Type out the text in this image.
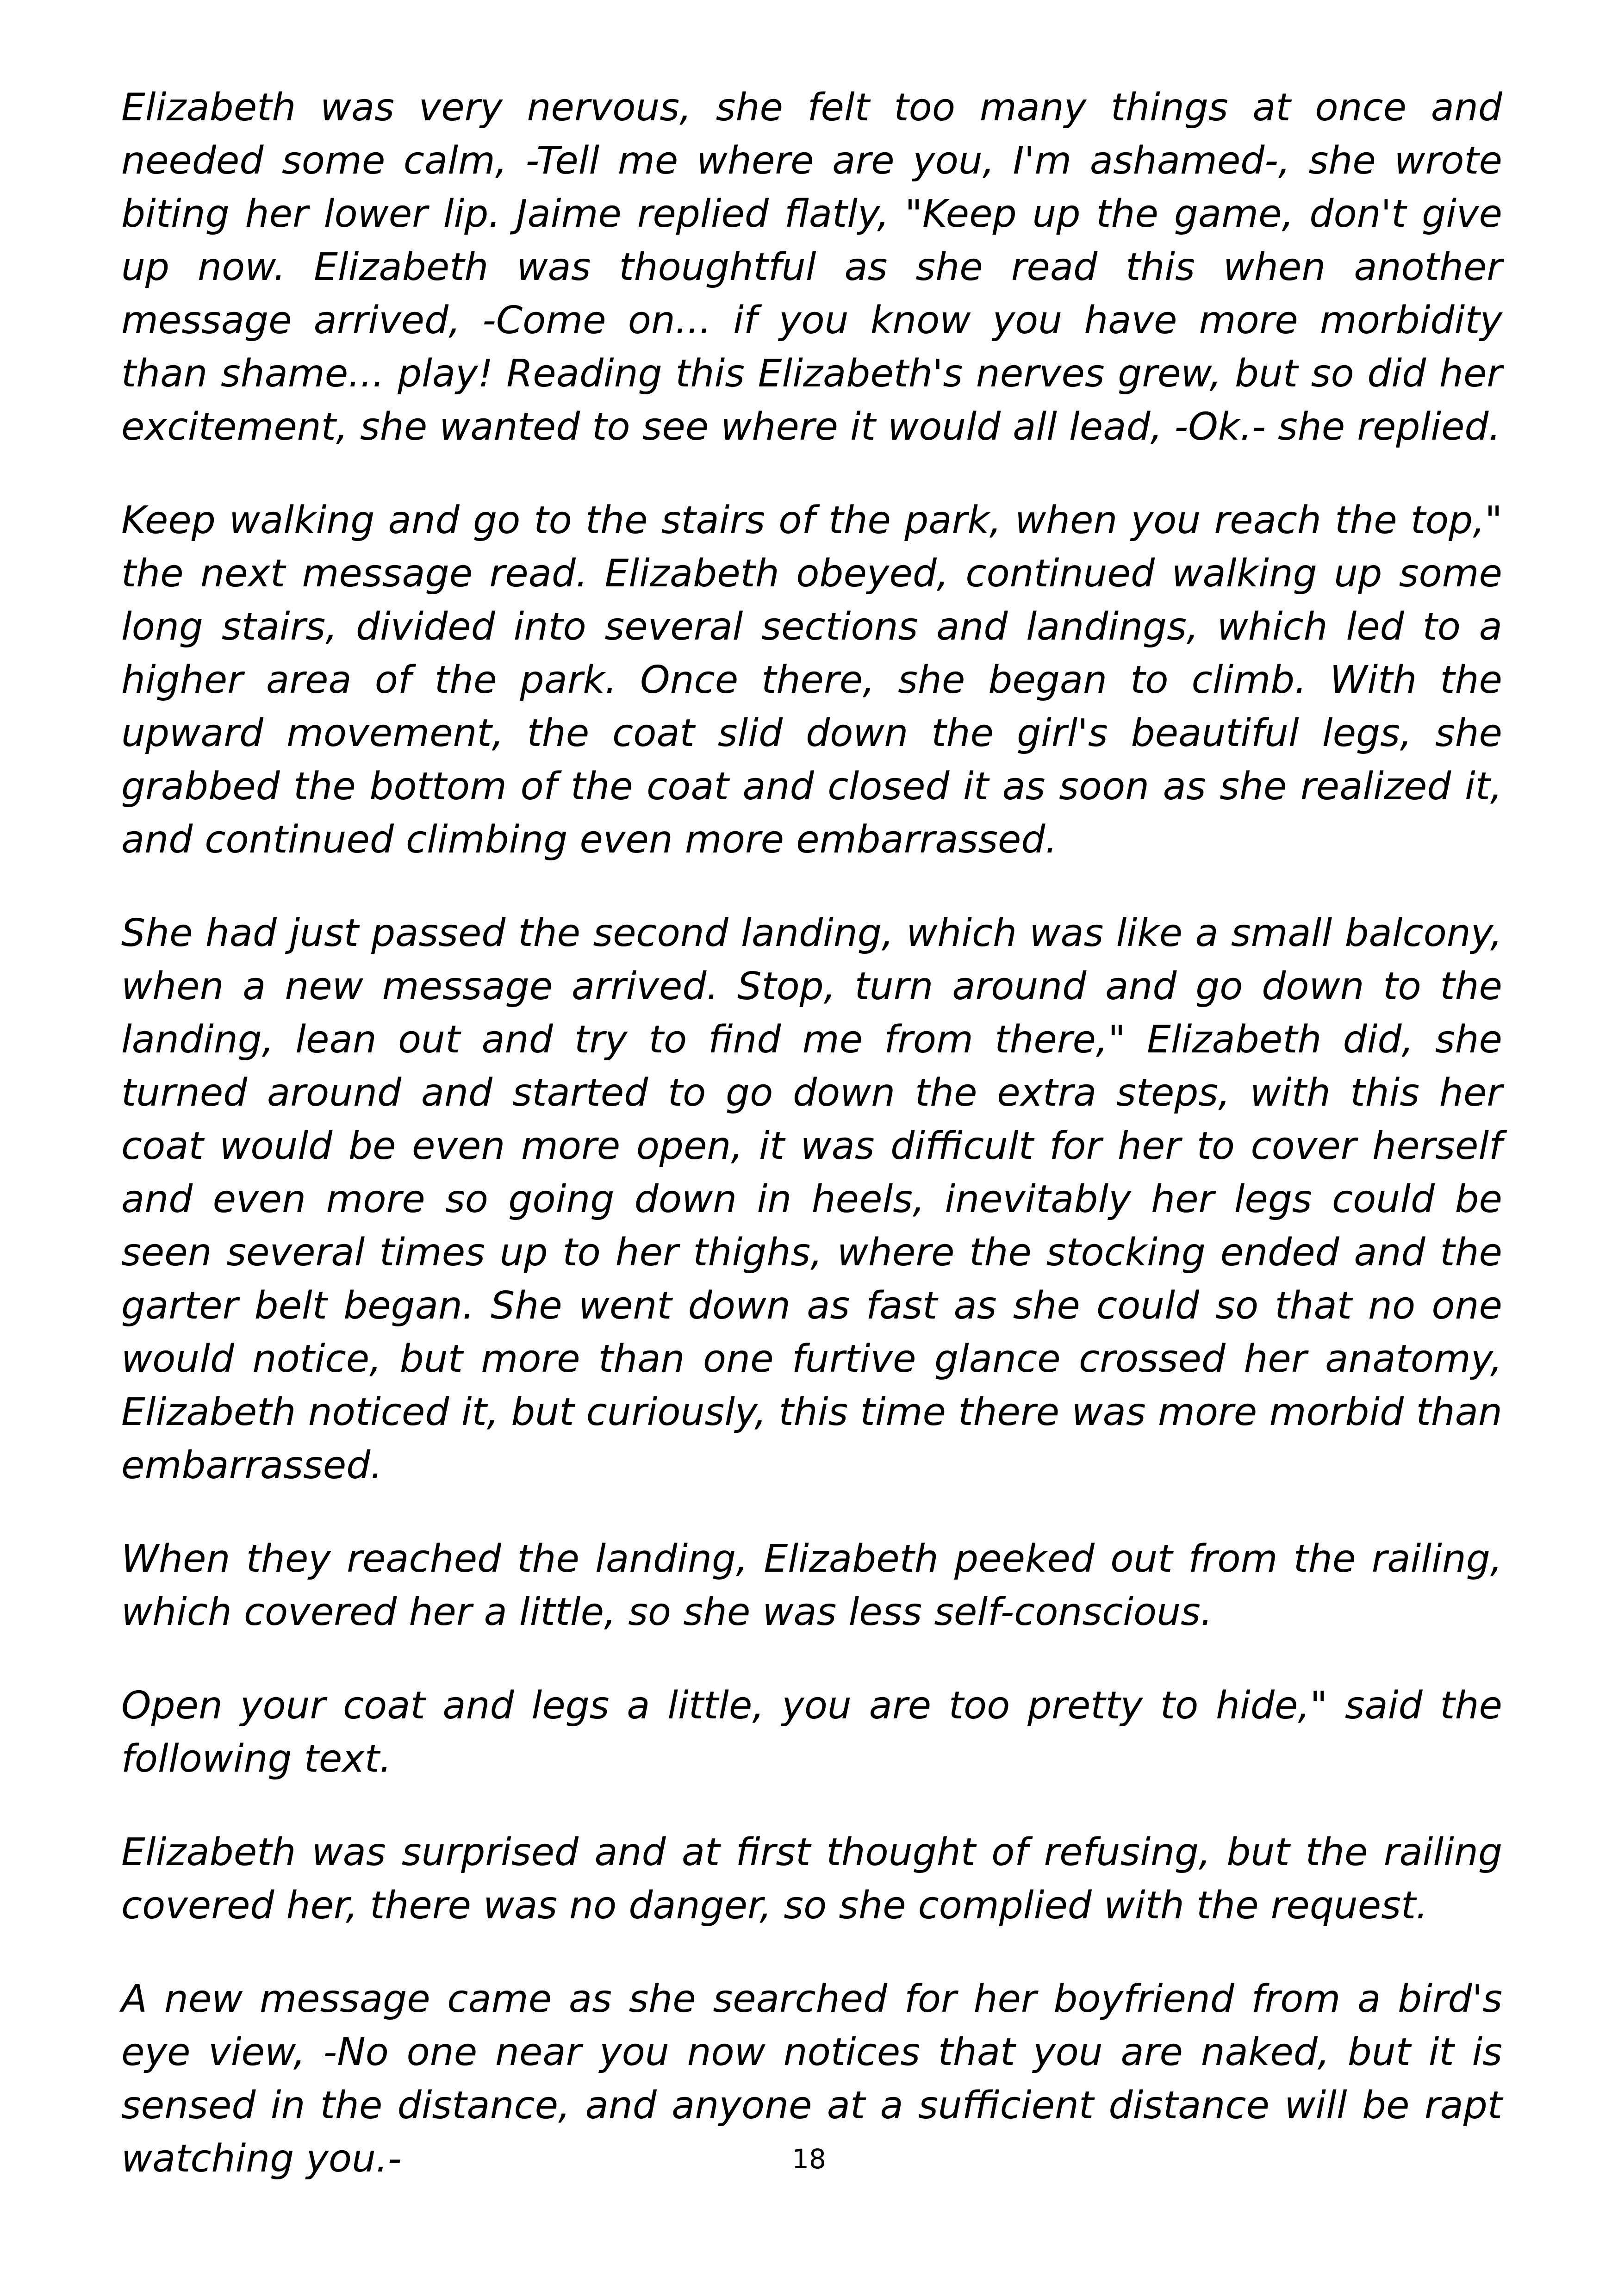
Elizabeth was very nervous, she felt too many things at once and needed some calm, -Tell me where are you, I'm ashamed-, she wrote biting her lower lip. Jaime replied flatly, "Keep up the game, don't give up now. Elizabeth was thoughtful as she read this when another message arrived, -Come on... if you know you have more morbidity than shame... play! Reading this Elizabeth's nerves grew, but so did her excitement, she wanted to see where it would all lead, -Ok.- she replied.

Keep walking and go to the stairs of the park, when you reach the top," the next message read. Elizabeth obeyed, continued walking up some long stairs, divided into several sections and landings, which led to a higher area of the park. Once there, she began to climb. With the upward movement, the coat slid down the girl's beautiful legs, she grabbed the bottom of the coat and closed it as soon as she realized it, and continued climbing even more embarrassed.

She had just passed the second landing, which was like a small balcony, when a new message arrived. Stop, turn around and go down to the landing, lean out and try to find me from there," Elizabeth did, she turned around and started to go down the extra steps, with this her coat would be even more open, it was difficult for her to cover herself and even more so going down in heels, inevitably her legs could be seen several times up to her thighs, where the stocking ended and the garter belt began. She went down as fast as she could so that no one would notice, but more than one furtive glance crossed her anatomy, Elizabeth noticed it, but curiously, this time there was more morbid than embarrassed.

When they reached the landing, Elizabeth peeked out from the railing, which covered her a little, so she was less self-conscious.

Open your coat and legs a little, you are too pretty to hide," said the following text.

Elizabeth was surprised and at first thought of refusing, but the railing covered her, there was no danger, so she complied with the request.

A new message came as she searched for her boyfriend from a bird's eye view, -No one near you now notices that you are naked, but it is sensed in the distance, and anyone at a sufficient distance will be rapt watching you.-	18
